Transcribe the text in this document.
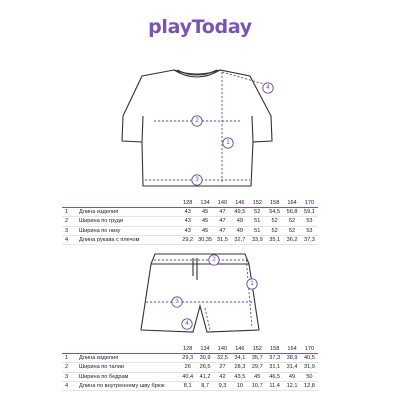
playToday
2
1
3
4
2
1
3
4
		128	134	140	146	152	158	164	170
1	Длина изделия	43	45	47	49,5	52	54,5	56,8	59,1
2	Ширина по груди	43	45	47	49	51	52	52	53
3	Ширина по низу	43	45	47	49	51	52	52	53
4	Длина рукава с плечом	29,2	30,35	31,5	32,7	33,9	35,1	36,2	37,3
		128	134	140	146	152	158	164	170
1	Длина изделия	29,3	30,9	32,5	34,1	35,7	37,3	38,9	40,5
2	Ширина по талии	26	26,5	27	28,3	29,7	31,1	31,4	31,9
3	Ширина по бедрам	40,4	41,2	42	43,5	45	46,5	49	50
4	Длина по внутреннему шву брюк	8,1	8,7	9,3	10	10,7	11,4	12,1	12,8
